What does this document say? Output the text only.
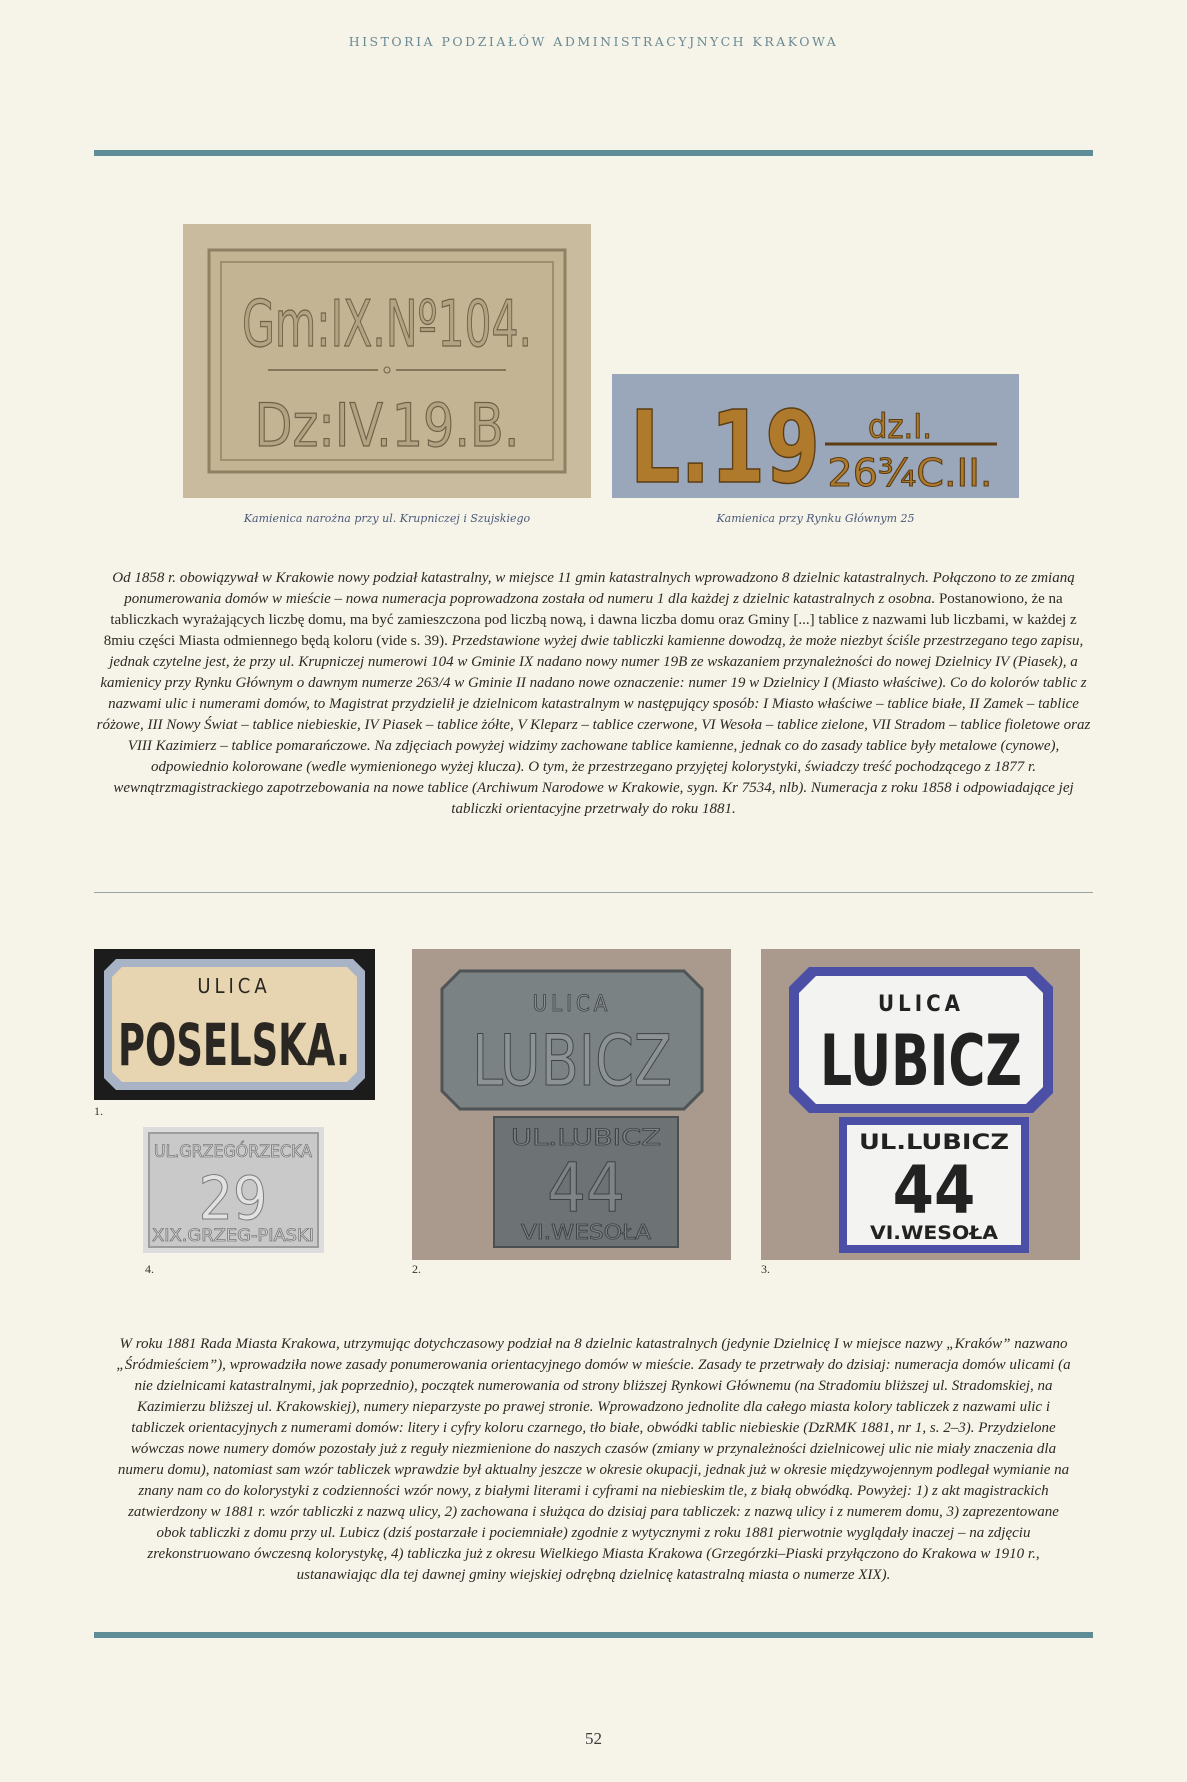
HISTORIA PODZIAŁÓW ADMINISTRACYJNYCH KRAKOWA
Gm:IX.Nº104.
Dz:IV.19.B.
Kamienica narożna przy ul. Krupniczej i Szujskiego
L.19 dz.I.
26¾C.II.
Kamienica przy Rynku Głównym 25
Od 1858 r. obowiązywał w Krakowie nowy podział katastralny, w miejsce 11 gmin katastralnych wprowadzono 8 dzielnic katastralnych. Połączono to ze zmianą ponumerowania domów w mieście – nowa numeracja poprowadzona została od numeru 1 dla każdej z dzielnic katastralnych z osobna. Postanowiono, że na tabliczkach wyrażających liczbę domu, ma być zamieszczona pod liczbą nową, i dawna liczba domu oraz Gminy [...] tablice z nazwami lub liczbami, w każdej z 8miu części Miasta odmiennego będą koloru (vide s. 39). Przedstawione wyżej dwie tabliczki kamienne dowodzą, że może niezbyt ściśle przestrzegano tego zapisu, jednak czytelne jest, że przy ul. Krupniczej numerowi 104 w Gminie IX nadano nowy numer 19B ze wskazaniem przynależności do nowej Dzielnicy IV (Piasek), a kamienicy przy Rynku Głównym o dawnym numerze 263/4 w Gminie II nadano nowe oznaczenie: numer 19 w Dzielnicy I (Miasto właściwe). Co do kolorów tablic z nazwami ulic i numerami domów, to Magistrat przydzielił je dzielnicom katastralnym w następujący sposób: I Miasto właściwe – tablice białe, II Zamek – tablice różowe, III Nowy Świat – tablice niebieskie, IV Piasek – tablice żółte, V Kleparz – tablice czerwone, VI Wesoła – tablice zielone, VII Stradom – tablice fioletowe oraz VIII Kazimierz – tablice pomarańczowe. Na zdjęciach powyżej widzimy zachowane tablice kamienne, jednak co do zasady tablice były metalowe (cynowe), odpowiednio kolorowane (wedle wymienionego wyżej klucza). O tym, że przestrzegano przyjętej kolorystyki, świadczy treść pochodzącego z 1877 r. wewnątrzmagistrackiego zapotrzebowania na nowe tablice (Archiwum Narodowe w Krakowie, sygn. Kr 7534, nlb). Numeracja z roku 1858 i odpowiadające jej tabliczki orientacyjne przetrwały do roku 1881.
ULICA
POSELSKA.
1.
UL.GRZEGÓRZECKA
29
XIX.GRZEG-PIASKI
4.
ULICA
LUBICZ
UL.LUBICZ
44
VI.WESOŁA
2.
ULICA
LUBICZ
UL.LUBICZ
44
VI.WESOŁA
3.
W roku 1881 Rada Miasta Krakowa, utrzymując dotychczasowy podział na 8 dzielnic katastralnych (jedynie Dzielnicę I w miejsce nazwy „Kraków” nazwano „Śródmieściem”), wprowadziła nowe zasady ponumerowania orientacyjnego domów w mieście. Zasady te przetrwały do dzisiaj: numeracja domów ulicami (a nie dzielnicami katastralnymi, jak poprzednio), początek numerowania od strony bliższej Rynkowi Głównemu (na Stradomiu bliższej ul. Stradomskiej, na Kazimierzu bliższej ul. Krakowskiej), numery nieparzyste po prawej stronie. Wprowadzono jednolite dla całego miasta kolory tabliczek z nazwami ulic i tabliczek orientacyjnych z numerami domów: litery i cyfry koloru czarnego, tło białe, obwódki tablic niebieskie (DzRMK 1881, nr 1, s. 2–3). Przydzielone wówczas nowe numery domów pozostały już z reguły niezmienione do naszych czasów (zmiany w przynależności dzielnicowej ulic nie miały znaczenia dla numeru domu), natomiast sam wzór tabliczek wprawdzie był aktualny jeszcze w okresie okupacji, jednak już w okresie międzywojennym podlegał wymianie na znany nam co do kolorystyki z codzienności wzór nowy, z białymi literami i cyframi na niebieskim tle, z białą obwódką. Powyżej: 1) z akt magistrackich zatwierdzony w 1881 r. wzór tabliczki z nazwą ulicy, 2) zachowana i służąca do dzisiaj para tabliczek: z nazwą ulicy i z numerem domu, 3) zaprezentowane obok tabliczki z domu przy ul. Lubicz (dziś postarzałe i pociemniałe) zgodnie z wytycznymi z roku 1881 pierwotnie wyglądały inaczej – na zdjęciu zrekonstruowano ówczesną kolorystykę, 4) tabliczka już z okresu Wielkiego Miasta Krakowa (Grzegórzki–Piaski przyłączono do Krakowa w 1910 r., ustanawiając dla tej dawnej gminy wiejskiej odrębną dzielnicę katastralną miasta o numerze XIX).
52
